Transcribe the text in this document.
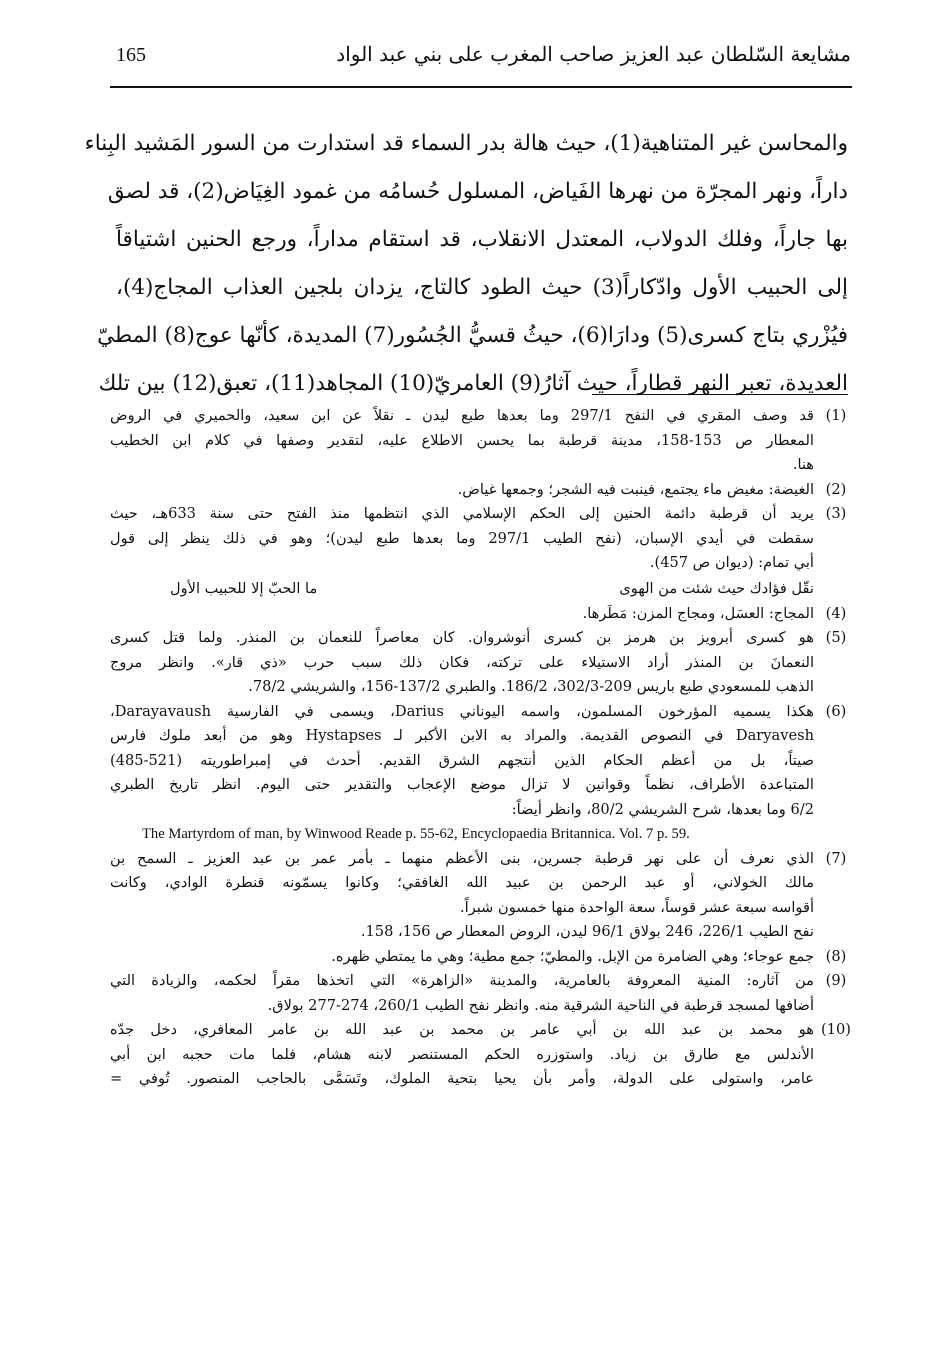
165	مشايعة السّلطان عبد العزيز صاحب المغرب على بني عبد الواد
والمحاسن غير المتناهية(1)، حيث هالة بدر السماء قد استدارت من السور المَشيد البِناء
داراً، ونهر المجرّة من نهرها الفَياض، المسلول حُسامُه من غمود الغِيَاض(2)، قد لصق
بها جاراً، وفلك الدولاب، المعتدل الانقلاب، قد استقام مداراً، ورجع الحنين اشتياقاً
إلى الحبيب الأول وادّكاراً(3) حيث الطود كالتاج، يزدان بلجين العذاب المجاج(4)،
فيُزْري بتاج كسرى(5) ودارَا(6)، حيثُ قسيُّ الجُسُور(7) المديدة، كأنّها عوج(8) المطيّ
العديدة، تعبر النهر قطاراً، حيث آثارُ(9) العامريّ(10) المجاهد(11)، تعبق(12) بين تلك
(1)
قد وصف المقري في النفح 297/1 وما بعدها طبع ليدن ـ نقلاً عن ابن سعيد، والحميري في الروض
المعطار ص 153-158، مدينة قرطبة بما يحسن الاطلاع عليه، لتقدير وصفها في كلام ابن الخطيب
هنا.
(2)
الغيضة: مغيض ماء يجتمع، فينبت فيه الشجر؛ وجمعها غياض.
(3)
يريد أن قرطبة دائمة الحنين إلى الحكم الإسلامي الذي انتظمها منذ الفتح حتى سنة 633هـ، حيث
سقطت في أيدي الإسبان، (نفح الطيب 297/1 وما بعدها طبع ليدن)؛ وهو في ذلك ينظر إلى قول
أبي تمام: (ديوان ص 457).
نقّل فؤادك حيث شئت من الهوى
ما الحبّ إلا للحبيب الأول
(4)
المجاج: العسَل، ومجاج المزن: مَطَرها.
(5)
هو كسرى أبرويز بن هرمز بن كسرى أنوشروان. كان معاصراً للنعمان بن المنذر. ولما قتل كسرى
النعمانَ بن المنذر أراد الاستيلاء على تركته، فكان ذلك سبب حرب «ذي قار». وانظر مروج
الذهب للمسعودي طبع باريس 209-302/3، 186/2. والطبري 137/2-156، والشريشي 78/2.
(6)
هكذا يسميه المؤرخون المسلمون، واسمه اليوناني Darius، ويسمى في الفارسية Darayavaush،
Daryavesh في النصوص القديمة. والمراد به الابن الأكبر لـ Hystapses وهو من أبعد ملوك فارس
صيتاً، بل من أعظم الحكام الذين أنتجهم الشرق القديم. أحدث في إمبراطوريته (521-485)
المتباعدة الأطراف، نظماً وقوانين لا تزال موضع الإعجاب والتقدير حتى اليوم. انظر تاريخ الطبري
6/2 وما بعدها، شرح الشريشي 80/2، وانظر أيضاً:
The Martyrdom of man, by Winwood Reade p. 55-62, Encyclopaedia Britannica. Vol. 7 p. 59.
(7)
الذي نعرف أن على نهر قرطبة جسرين، بنى الأعظم منهما ـ بأمر عمر بن عبد العزيز ـ السمح بن
مالك الخولاني، أو عبد الرحمن بن عبيد الله الغافقي؛ وكانوا يسمّونه قنطرة الوادي، وكانت
أقواسه سبعة عشر قوساً، سعة الواحدة منها خمسون شبراً.
نفح الطيب 226/1، 246 بولاق 96/1 ليدن، الروض المعطار ص 156، 158.
(8)
جمع عوجاء؛ وهي الضامرة من الإبل. والمطيّ؛ جمع مطية؛ وهي ما يمتطي ظهره.
(9)
من آثاره: المنية المعروفة بالعامرية، والمدينة «الزاهرة» التي اتخذها مقراً لحكمه، والزيادة التي
أضافها لمسجد قرطبة في الناحية الشرقية منه. وانظر نفح الطيب 260/1، 274-277 بولاق.
(10)
هو محمد بن عبد الله بن أبي عامر بن محمد بن عبد الله بن عامر المعافري، دخل جدّه
الأندلس مع طارق بن زياد. واستوزره الحكم المستنصر لابنه هشام، فلما مات حجبه ابن أبي
عامر، واستولى على الدولة، وأمر بأن يحيا بتحية الملوك، وتَسَمَّى بالحاجب المنصور. تُوفي =
